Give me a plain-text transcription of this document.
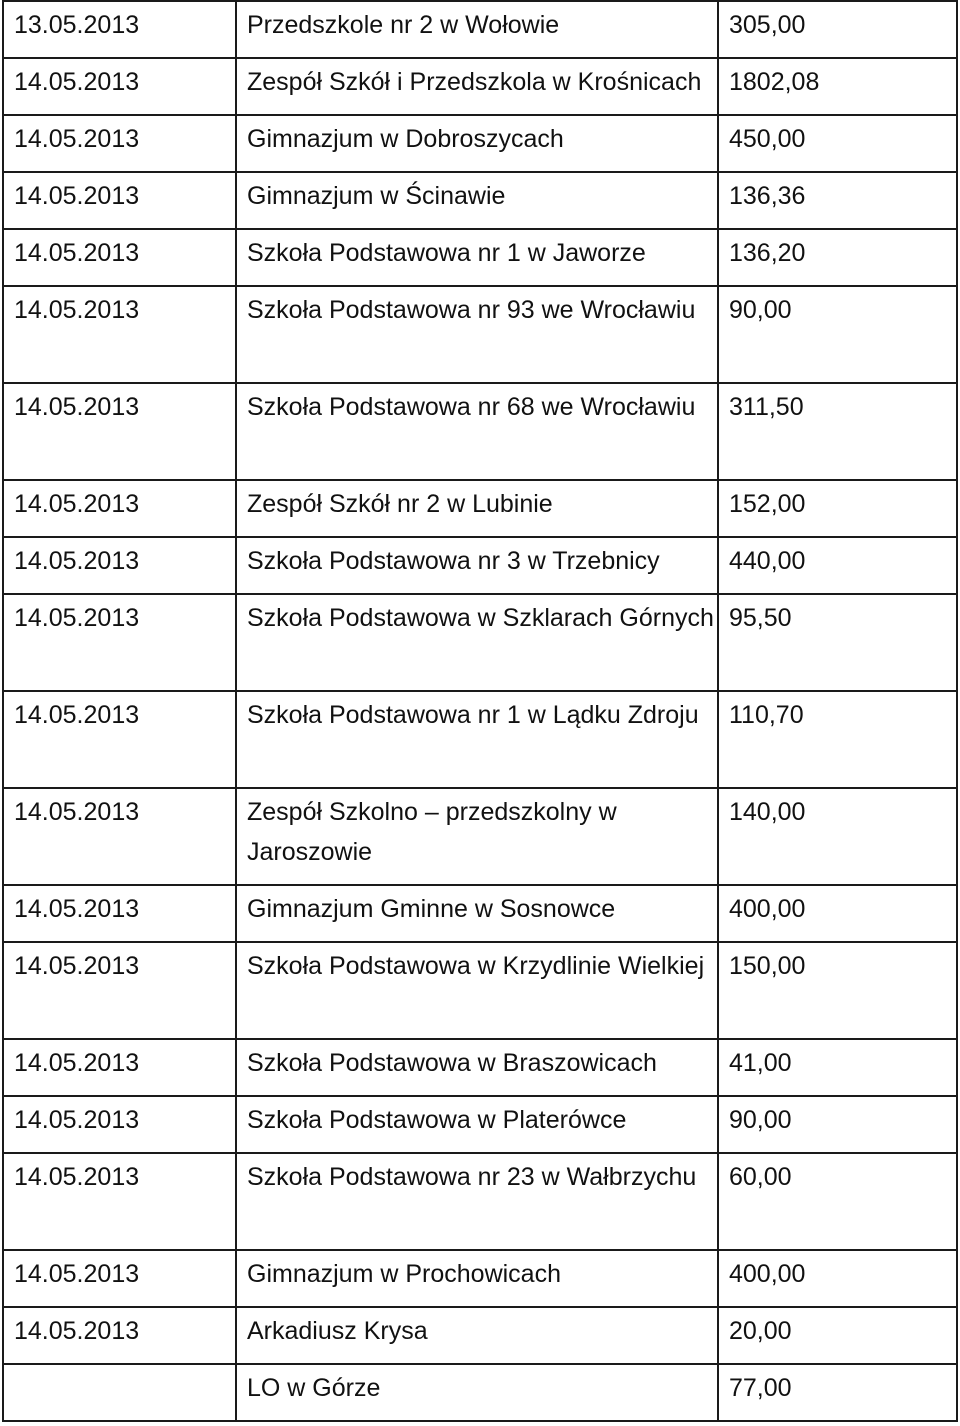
13.05.2013	Przedszkole nr 2 w Wołowie	305,00
14.05.2013	Zespół Szkół i Przedszkola w Krośnicach	1802,08
14.05.2013	Gimnazjum w Dobroszycach	450,00
14.05.2013	Gimnazjum w Ścinawie	136,36
14.05.2013	Szkoła Podstawowa nr 1 w Jaworze	136,20
14.05.2013	Szkoła Podstawowa nr 93 we Wrocławiu	90,00
14.05.2013	Szkoła Podstawowa nr 68 we Wrocławiu	311,50
14.05.2013	Zespół Szkół nr 2 w Lubinie	152,00
14.05.2013	Szkoła Podstawowa nr 3 w Trzebnicy	440,00
14.05.2013	Szkoła Podstawowa w Szklarach Górnych	95,50
14.05.2013	Szkoła Podstawowa nr 1 w Lądku Zdroju	110,70
14.05.2013	Zespół Szkolno – przedszkolny w Jaroszowie	140,00
14.05.2013	Gimnazjum Gminne w Sosnowce	400,00
14.05.2013	Szkoła Podstawowa w Krzydlinie Wielkiej	150,00
14.05.2013	Szkoła Podstawowa w Braszowicach	41,00
14.05.2013	Szkoła Podstawowa w Platerówce	90,00
14.05.2013	Szkoła Podstawowa nr 23 w Wałbrzychu	60,00
14.05.2013	Gimnazjum w Prochowicach	400,00
14.05.2013	Arkadiusz Krysa	20,00
	LO w Górze	77,00
